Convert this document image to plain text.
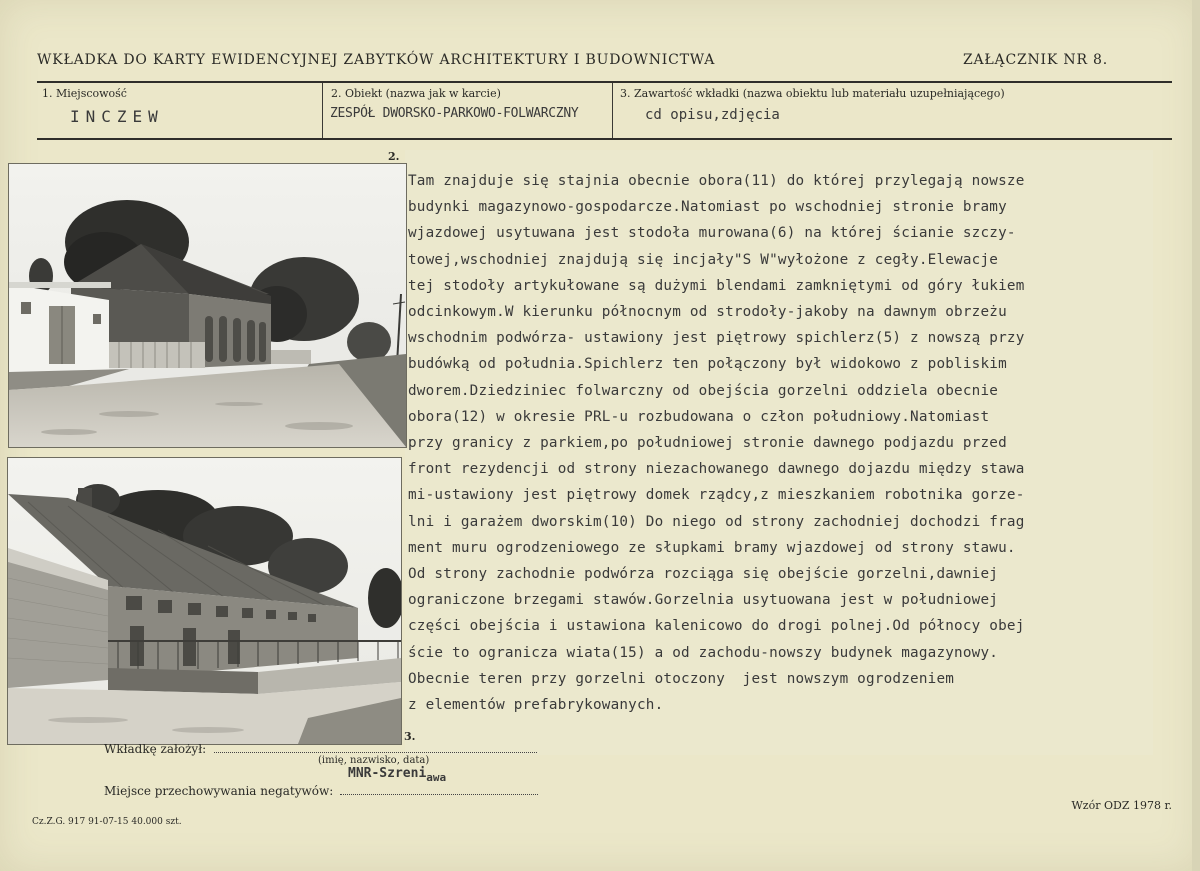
WKŁADKA DO KARTY EWIDENCYJNEJ ZABYTKÓW ARCHITEKTURY I BUDOWNICTWA	ZAŁĄCZNIK NR 8.
1. Miejscowość	2. Obiekt (nazwa jak w karcie)	3. Zawartość wkładki (nazwa obiektu lub materiału uzupełniającego)
INCZEW	ZESPÓŁ DWORSKO-PARKOWO-FOLWARCZNY	cd opisu,zdjęcia
2.
3.
Tam znajduje się stajnia obecnie obora(11) do której przylegają nowsze
budynki magazynowo-gospodarcze.Natomiast po wschodniej stronie bramy
wjazdowej usytuwana jest stodoła murowana(6) na której ścianie szczy-
towej,wschodniej znajdują się incjały"S W"wyłożone z cegły.Elewacje
tej stodoły artykułowane są dużymi blendami zamkniętymi od góry łukiem
odcinkowym.W kierunku północnym od strodoły-jakoby na dawnym obrzeżu
wschodnim podwórza- ustawiony jest piętrowy spichlerz(5) z nowszą przy
budówką od południa.Spichlerz ten połączony był widokowo z pobliskim
dworem.Dziedziniec folwarczny od obejścia gorzelni oddziela obecnie
obora(12) w okresie PRL-u rozbudowana o człon południowy.Natomiast
przy granicy z parkiem,po południowej stronie dawnego podjazdu przed
front rezydencji od strony niezachowanego dawnego dojazdu między stawa
mi-ustawiony jest piętrowy domek rządcy,z mieszkaniem robotnika gorze-
lni i garażem dworskim(10) Do niego od strony zachodniej dochodzi frag
ment muru ogrodzeniowego ze słupkami bramy wjazdowej od strony stawu.
Od strony zachodnie podwórza rozciąga się obejście gorzelni,dawniej
ograniczone brzegami stawów.Gorzelnia usytuowana jest w południowej
części obejścia i ustawiona kalenicowo do drogi polnej.Od północy obej
ście to ogranicza wiata(15) a od zachodu-nowszy budynek magazynowy.
Obecnie teren przy gorzelni otoczony  jest nowszym ogrodzeniem
z elementów prefabrykowanych.
Wkładkę założył:
(imię, nazwisko, data)
MNR-Szreni$_{awa}$
Miejsce przechowywania negatywów:
Cz.Z.G. 917 91-07-15 40.000 szt.
Wzór ODZ 1978 r.
